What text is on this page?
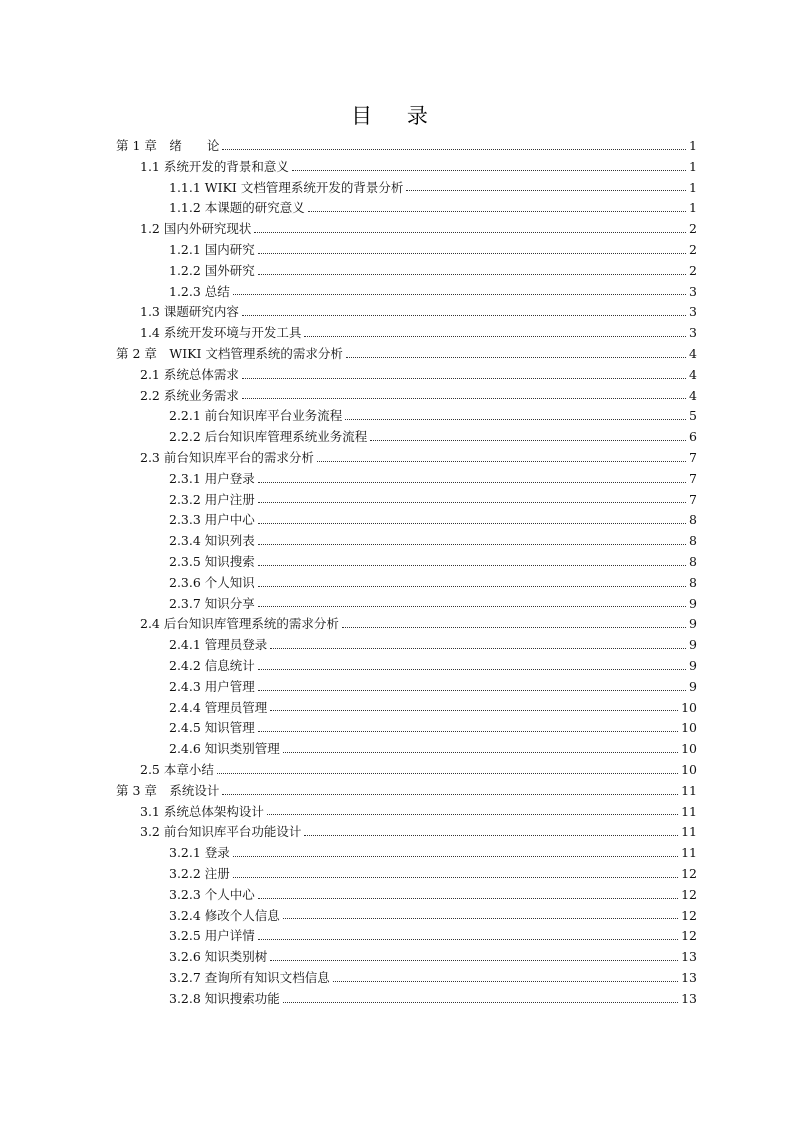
目 录
第 1 章　绪　　论	1
1.1 系统开发的背景和意义	1
1.1.1 WIKI 文档管理系统开发的背景分析	1
1.1.2 本课题的研究意义	1
1.2 国内外研究现状	2
1.2.1 国内研究	2
1.2.2 国外研究	2
1.2.3 总结	3
1.3 课题研究内容	3
1.4 系统开发环境与开发工具	3
第 2 章　WIKI 文档管理系统的需求分析	4
2.1 系统总体需求	4
2.2 系统业务需求	4
2.2.1 前台知识库平台业务流程	5
2.2.2 后台知识库管理系统业务流程	6
2.3 前台知识库平台的需求分析	7
2.3.1 用户登录	7
2.3.2 用户注册	7
2.3.3 用户中心	8
2.3.4 知识列表	8
2.3.5 知识搜索	8
2.3.6 个人知识	8
2.3.7 知识分享	9
2.4 后台知识库管理系统的需求分析	9
2.4.1 管理员登录	9
2.4.2 信息统计	9
2.4.3 用户管理	9
2.4.4 管理员管理	10
2.4.5 知识管理	10
2.4.6 知识类别管理	10
2.5 本章小结	10
第 3 章　系统设计	11
3.1 系统总体架构设计	11
3.2 前台知识库平台功能设计	11
3.2.1 登录	11
3.2.2 注册	12
3.2.3 个人中心	12
3.2.4 修改个人信息	12
3.2.5 用户详情	12
3.2.6 知识类别树	13
3.2.7 查询所有知识文档信息	13
3.2.8 知识搜索功能	13
